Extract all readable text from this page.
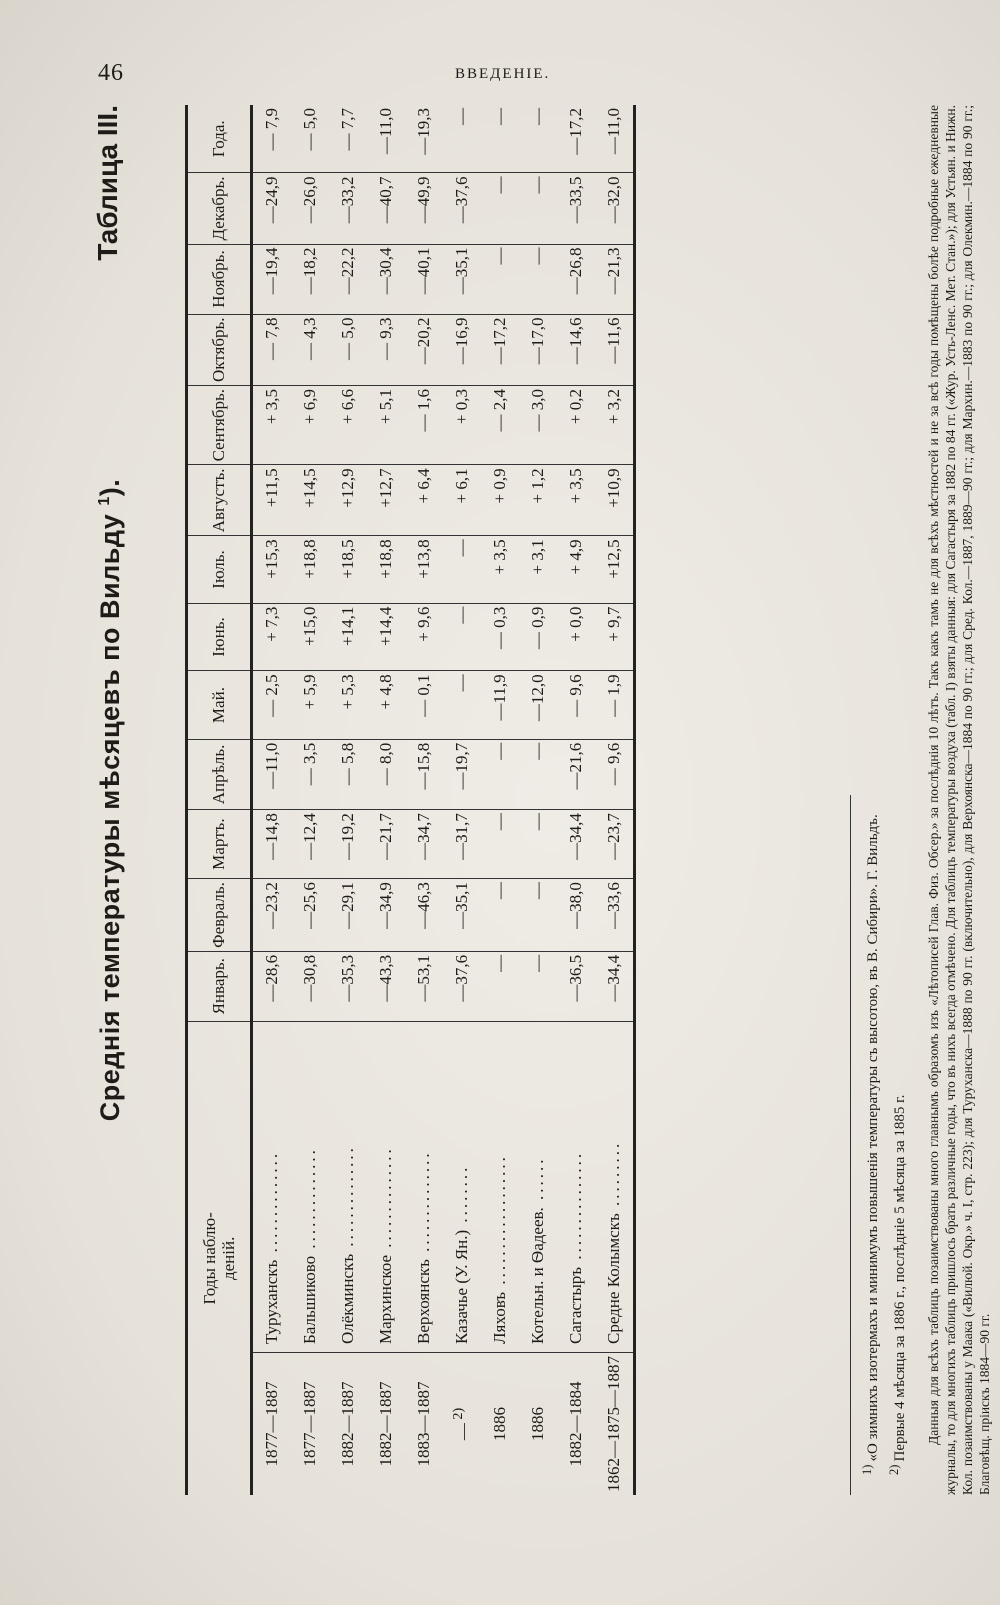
46	ВВЕДЕНІЕ.
Среднія температуры мѣсяцевъ по Вильду $^1$).
Таблица III.
Годы наблю-
деній.		Январь.	Февраль.	Мартъ.	Апрѣль.	Май.	Іюнь.	Іюль.	Августъ.	Сентябрь.	Октябрь.	Ноябрь.	Декабрь.	Года.
1877—1887	Туруханскъ ..............	—28,6	—23,2	—14,8	—11,0	— 2,5	+ 7,3	+15,3	+11,5	+ 3,5	— 7,8	—19,4	—24,9	— 7,9
1877—1887	Бальшиково ..............	—30,8	—25,6	—12,4	— 3,5	+ 5,9	+15,0	+18,8	+14,5	+ 6,9	— 4,3	—18,2	—26,0	— 5,0
1882—1887	Олёкминскъ ..............	—35,3	—29,1	—19,2	— 5,8	+ 5,3	+14,1	+18,5	+12,9	+ 6,6	— 5,0	—22,2	—33,2	— 7,7
1882—1887	Мархинское ..............	—43,3	—34,9	—21,7	— 8,0	+ 4,8	+14,4	+18,8	+12,7	+ 5,1	— 9,3	—30,4	—40,7	—11,0
1883—1887	Верхоянскъ ..............	—53,1	—46,3	—34,7	—15,8	— 0,1	+ 9,6	+13,8	+ 6,4	— 1,6	—20,2	—40,1	—49,9	—19,3
— $^{2)}$	Казачье (У. Ян.) ........	—37,6	—35,1	—31,7	—19,7	—	—	—	+ 6,1	+ 0,3	—16,9	—35,1	—37,6	—
1886	Ляховъ ..................	—	—	—	—	—11,9	— 0,3	+ 3,5	+ 0,9	— 2,4	—17,2	—	—	—
1886	Котельн. и Ѳадеев. ......	—	—	—	—	—12,0	— 0,9	+ 3,1	+ 1,2	— 3,0	—17,0	—	—	—
1882—1884	Сагастыръ ...............	—36,5	—38,0	—34,4	—21,6	— 9,6	+ 0,0	+ 4,9	+ 3,5	+ 0,2	—14,6	—26,8	—33,5	—17,2
1862—1875—1887	Средне Колымскъ .........	—34,4	—33,6	—23,7	— 9,6	— 1,9	+ 9,7	+12,5	+10,9	+ 3,2	—11,6	—21,3	—32,0	—11,0
$^{1)}$ «О зимнихъ изотермахъ и минимумъ повышенія температуры съ высотою, въ В. Сибири». Г. Вильдъ.
$^{2)}$ Первые 4 мѣсяца за 1886 г., послѣдніе 5 мѣсяца за 1885 г. Данныя для всѣхъ таблицъ позаимствованы много главнымъ образомъ изъ «Лѣтописей Глав. Физ. Обсер.» за послѣднія 10 лѣтъ. Такъ какъ тамъ не для всѣхъ мѣстностей и не за всѣ годы помѣщены болѣе подробные ежедневные журналы, то для многихъ таблицъ пришлось брать различные годы, что въ нихъ всегда отмѣчено. Для таблицъ температуры воздуха (табл. I) взяты данныя: для Сагастыря за 1882 по 84 гг. («Жур. Усть-Ленс. Мет. Стан.»); для Устьян. и Нижн. Кол. позаимствованы у Маака («Вилюй. Окр.» ч. I, стр. 223); для Туруханска—1888 по 90 гг. (включительно), для Верхоянска—1884 по 90 гг.; для Сред. Кол.—1887, 1889—90 гг.; для Мархин.—1883 по 90 гг.; для Олекмин.—1884 по 90 гг.; Благовѣщ. пріискъ 1884—90 гг.
